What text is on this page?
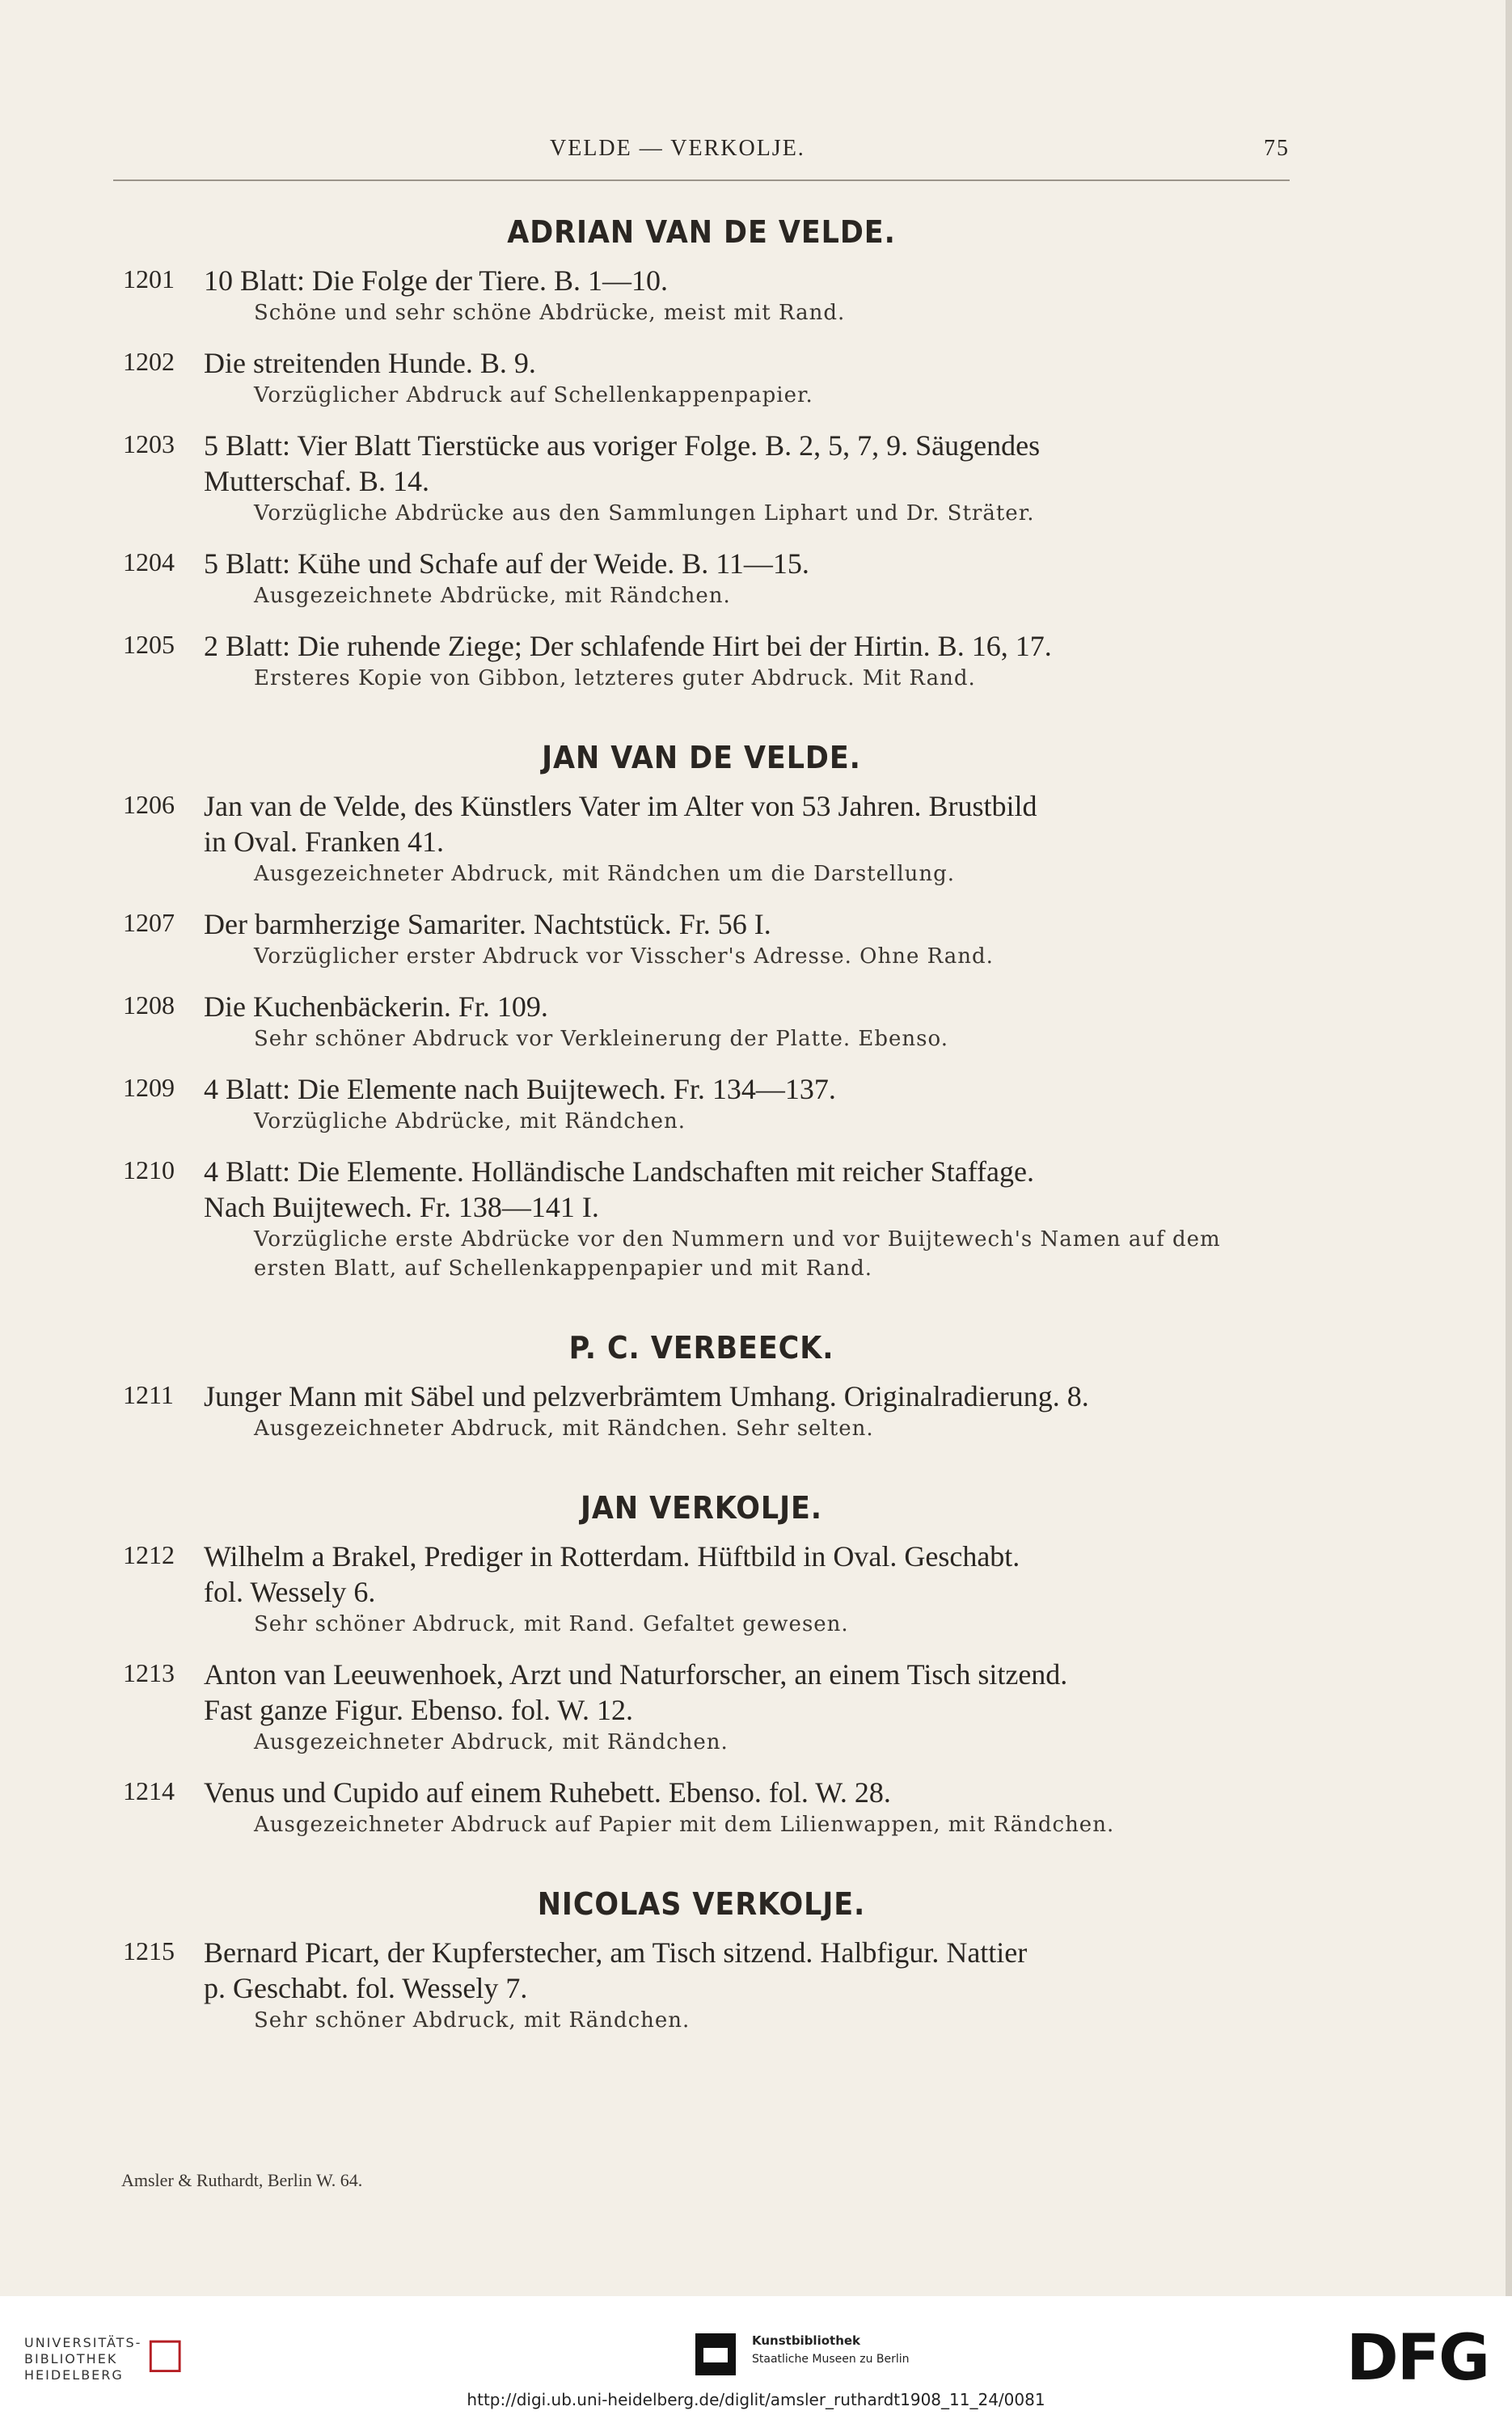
VELDE — VERKOLJE.	75
ADRIAN VAN DE VELDE.
1201 10 Blatt: Die Folge der Tiere. B. 1—10.
Schöne und sehr schöne Abdrücke, meist mit Rand.
1202 Die streitenden Hunde. B. 9.
Vorzüglicher Abdruck auf Schellenkappenpapier.
1203 5 Blatt: Vier Blatt Tierstücke aus voriger Folge. B. 2, 5, 7, 9. Säugendes
Mutterschaf. B. 14.
Vorzügliche Abdrücke aus den Sammlungen Liphart und Dr. Sträter.
1204 5 Blatt: Kühe und Schafe auf der Weide. B. 11—15.
Ausgezeichnete Abdrücke, mit Rändchen.
1205 2 Blatt: Die ruhende Ziege; Der schlafende Hirt bei der Hirtin. B. 16, 17.
Ersteres Kopie von Gibbon, letzteres guter Abdruck. Mit Rand.
JAN VAN DE VELDE.
1206 Jan van de Velde, des Künstlers Vater im Alter von 53 Jahren. Brustbild
in Oval. Franken 41.
Ausgezeichneter Abdruck, mit Rändchen um die Darstellung.
1207 Der barmherzige Samariter. Nachtstück. Fr. 56 I.
Vorzüglicher erster Abdruck vor Visscher's Adresse. Ohne Rand.
1208 Die Kuchenbäckerin. Fr. 109.
Sehr schöner Abdruck vor Verkleinerung der Platte. Ebenso.
1209 4 Blatt: Die Elemente nach Buijtewech. Fr. 134—137.
Vorzügliche Abdrücke, mit Rändchen.
1210 4 Blatt: Die Elemente. Holländische Landschaften mit reicher Staffage.
Nach Buijtewech. Fr. 138—141 I.
Vorzügliche erste Abdrücke vor den Nummern und vor Buijtewech's Namen auf dem ersten Blatt, auf Schellenkappenpapier und mit Rand.
P. C. VERBEECK.
1211 Junger Mann mit Säbel und pelzverbrämtem Umhang. Originalradierung. 8.
Ausgezeichneter Abdruck, mit Rändchen. Sehr selten.
JAN VERKOLJE.
1212 Wilhelm a Brakel, Prediger in Rotterdam. Hüftbild in Oval. Geschabt.
fol. Wessely 6.
Sehr schöner Abdruck, mit Rand. Gefaltet gewesen.
1213 Anton van Leeuwenhoek, Arzt und Naturforscher, an einem Tisch sitzend.
Fast ganze Figur. Ebenso. fol. W. 12.
Ausgezeichneter Abdruck, mit Rändchen.
1214 Venus und Cupido auf einem Ruhebett. Ebenso. fol. W. 28.
Ausgezeichneter Abdruck auf Papier mit dem Lilienwappen, mit Rändchen.
NICOLAS VERKOLJE.
1215 Bernard Picart, der Kupferstecher, am Tisch sitzend. Halbfigur. Nattier
p. Geschabt. fol. Wessely 7.
Sehr schöner Abdruck, mit Rändchen.
Amsler & Ruthardt, Berlin W. 64.
UNIVERSITÄTS-
BIBLIOTHEK
HEIDELBERG ☐	Kunstbibliothek
Staatliche Museen zu Berlin	DFG
http://digi.ub.uni-heidelberg.de/diglit/amsler_ruthardt1908_11_24/0081
